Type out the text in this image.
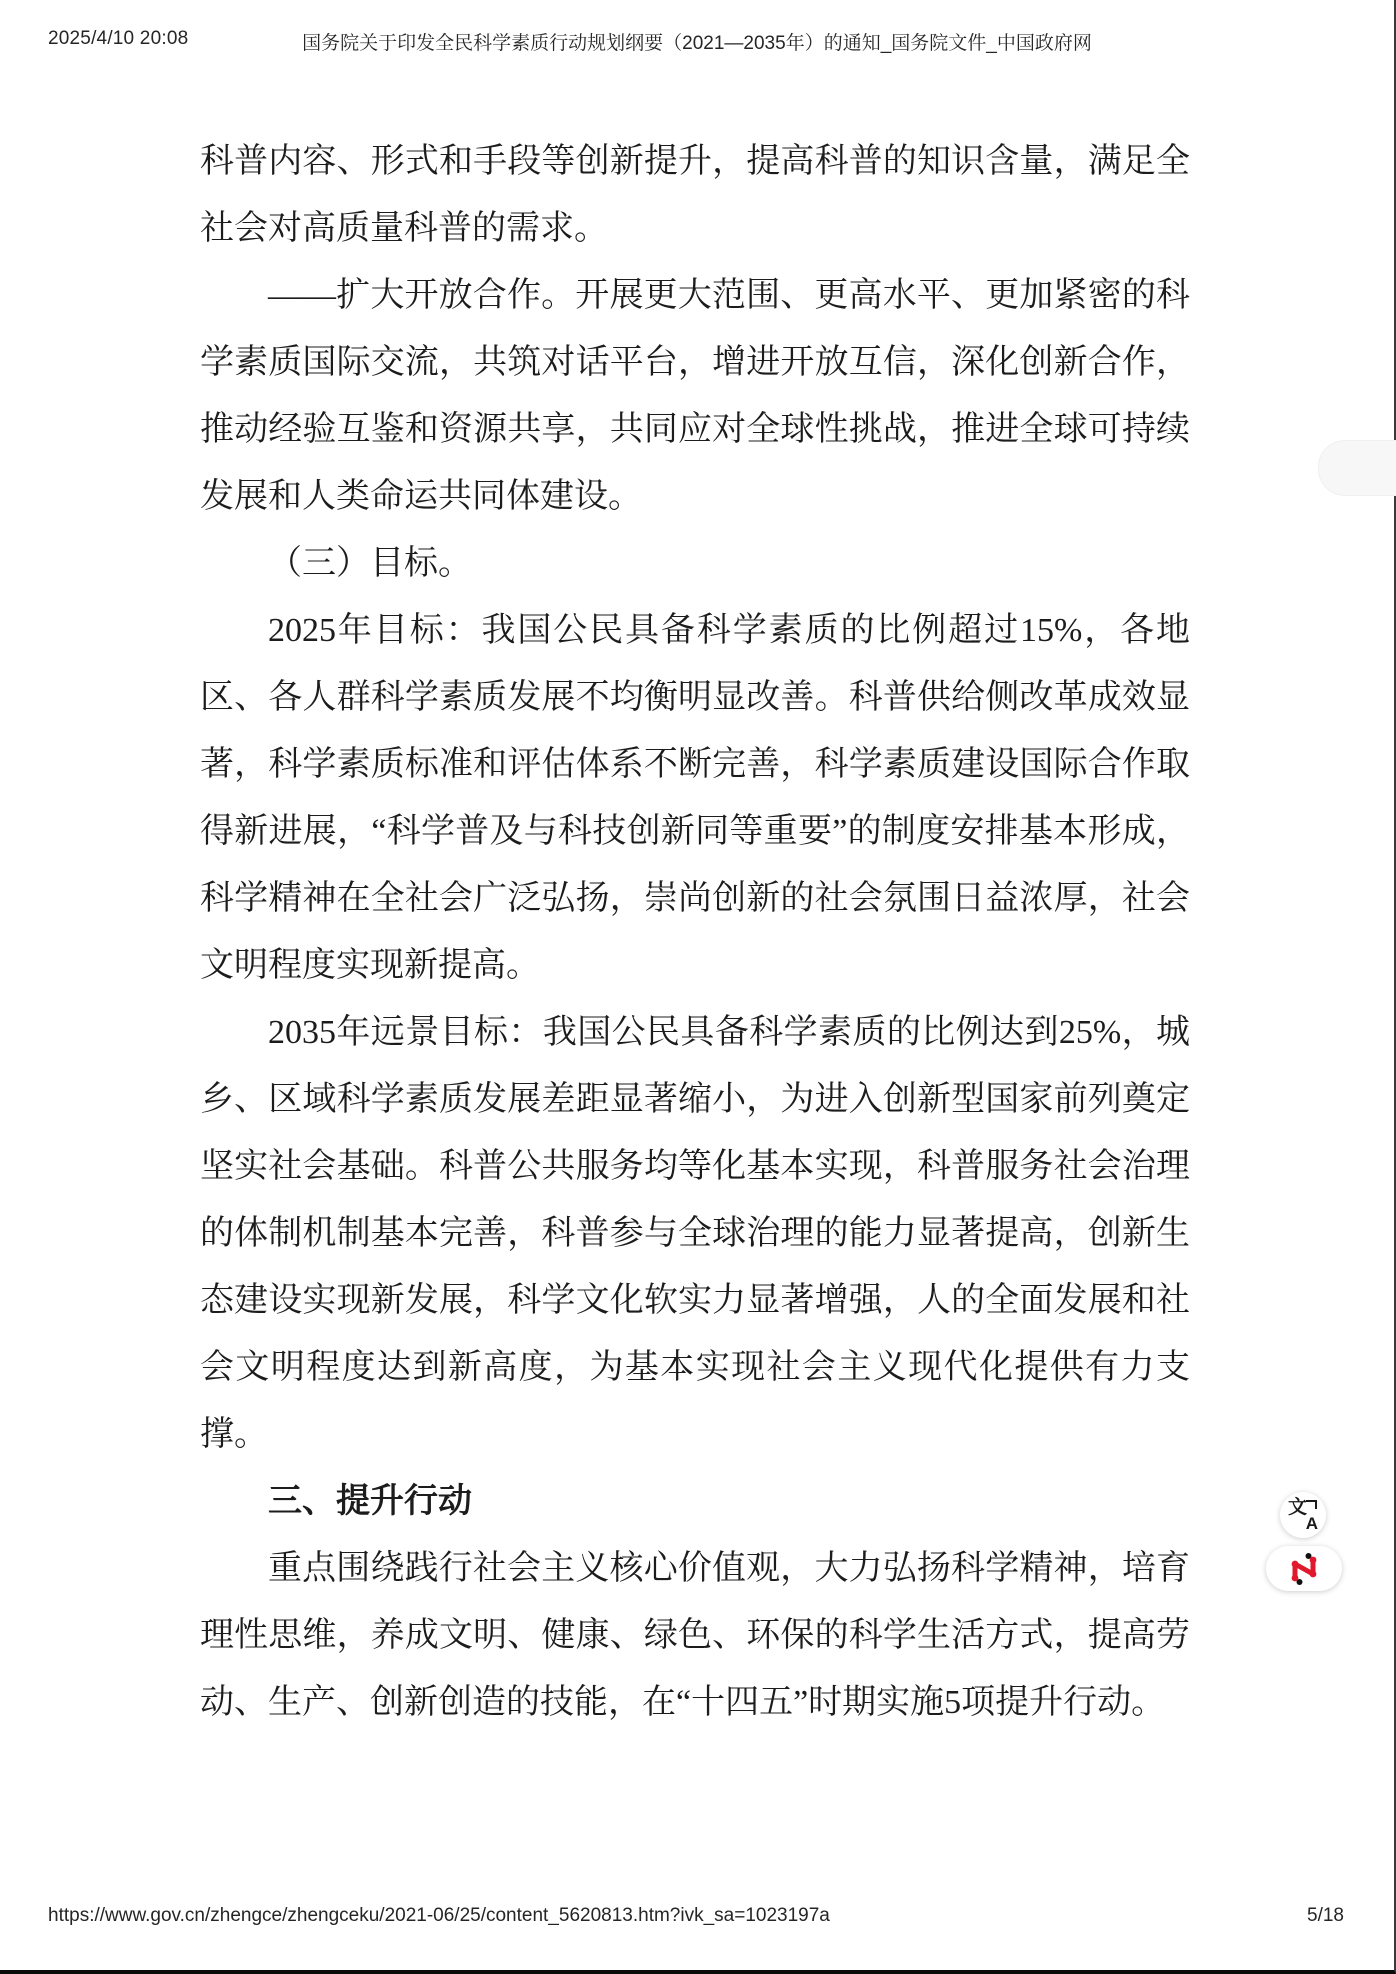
2025/4/10 20:08	国务院关于印发全民科学素质行动规划纲要（2021—2035年）的通知_国务院文件_中国政府网

科普内容、形式和手段等创新提升，提高科普的知识含量，满足全社会对高质量科普的需求。

——扩大开放合作。开展更大范围、更高水平、更加紧密的科学素质国际交流，共筑对话平台，增进开放互信，深化创新合作，推动经验互鉴和资源共享，共同应对全球性挑战，推进全球可持续发展和人类命运共同体建设。

（三）目标。

2025年目标：我国公民具备科学素质的比例超过15%，各地区、各人群科学素质发展不均衡明显改善。科普供给侧改革成效显著，科学素质标准和评估体系不断完善，科学素质建设国际合作取得新进展，“科学普及与科技创新同等重要”的制度安排基本形成，科学精神在全社会广泛弘扬，崇尚创新的社会氛围日益浓厚，社会文明程度实现新提高。

2035年远景目标：我国公民具备科学素质的比例达到25%，城乡、区域科学素质发展差距显著缩小，为进入创新型国家前列奠定坚实社会基础。科普公共服务均等化基本实现，科普服务社会治理的体制机制基本完善，科普参与全球治理的能力显著提高，创新生态建设实现新发展，科学文化软实力显著增强，人的全面发展和社会文明程度达到新高度，为基本实现社会主义现代化提供有力支撑。

三、提升行动

重点围绕践行社会主义核心价值观，大力弘扬科学精神，培育理性思维，养成文明、健康、绿色、环保的科学生活方式，提高劳动、生产、创新创造的技能，在“十四五”时期实施5项提升行动。

文
A
https://www.gov.cn/zhengce/zhengceku/2021-06/25/content_5620813.htm?ivk_sa=1023197a	5/18
